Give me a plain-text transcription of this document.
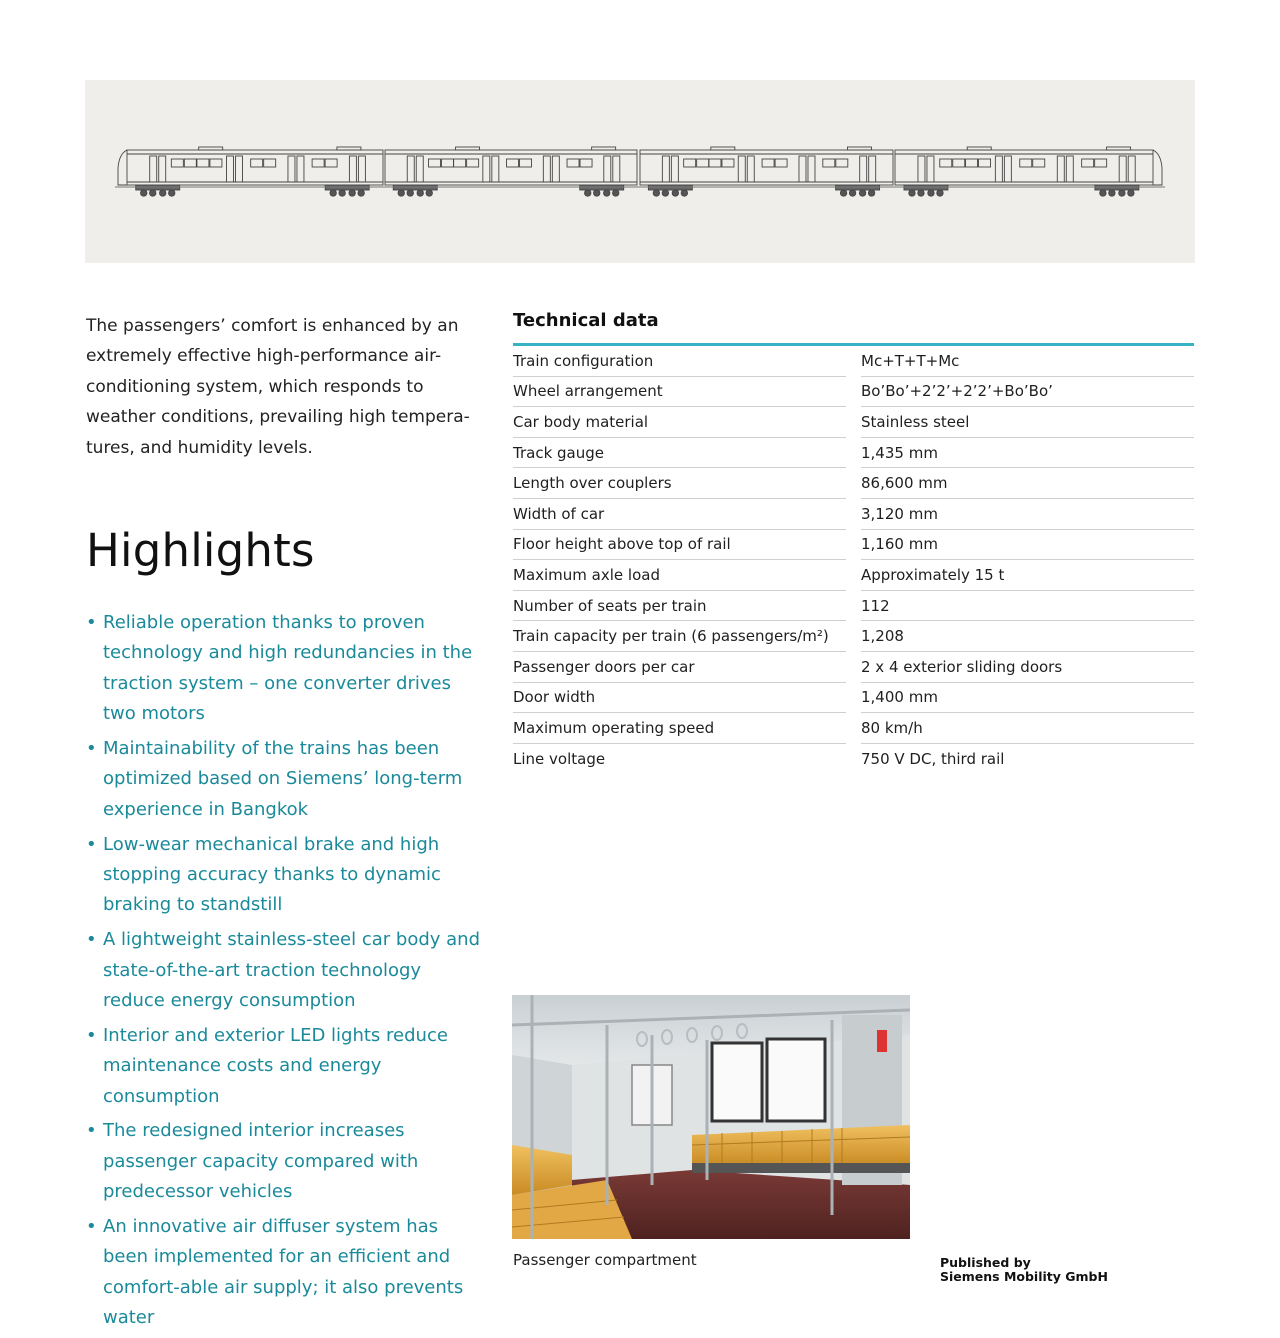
The passengers’ comfort is enhanced by an extremely effective high-performance air-conditioning system, which responds to weather conditions, prevailing high tempera-tures, and humidity levels.

Highlights
• Reliable operation thanks to proven technology and high redundancies in the traction system – one converter drives two motors
• Maintainability of the trains has been optimized based on Siemens’ long-term experience in Bangkok
• Low-wear mechanical brake and high stopping accuracy thanks to dynamic braking to standstill
• A lightweight stainless-steel car body and state-of-the-art traction technology reduce energy consumption
• Interior and exterior LED lights reduce maintenance costs and energy consumption
• The redesigned interior increases passenger capacity compared with predecessor vehicles
• An innovative air diffuser system has been implemented for an efficient and comfort-able air supply; it also prevents water
Technical data
Train configuration		Mc+T+T+Mc
Wheel arrangement		Bo’Bo’+2’2’+2’2’+Bo’Bo’
Car body material		Stainless steel
Track gauge		1,435 mm
Length over couplers		86,600 mm
Width of car		3,120 mm
Floor height above top of rail		1,160 mm
Maximum axle load		Approximately 15 t
Number of seats per train		112
Train capacity per train (6 passengers/m²)		1,208
Passenger doors per car		2 x 4 exterior sliding doors
Door width		1,400 mm
Maximum operating speed		80 km/h
Line voltage		750 V DC, third rail
Passenger compartment	Published by
Siemens Mobility GmbH
